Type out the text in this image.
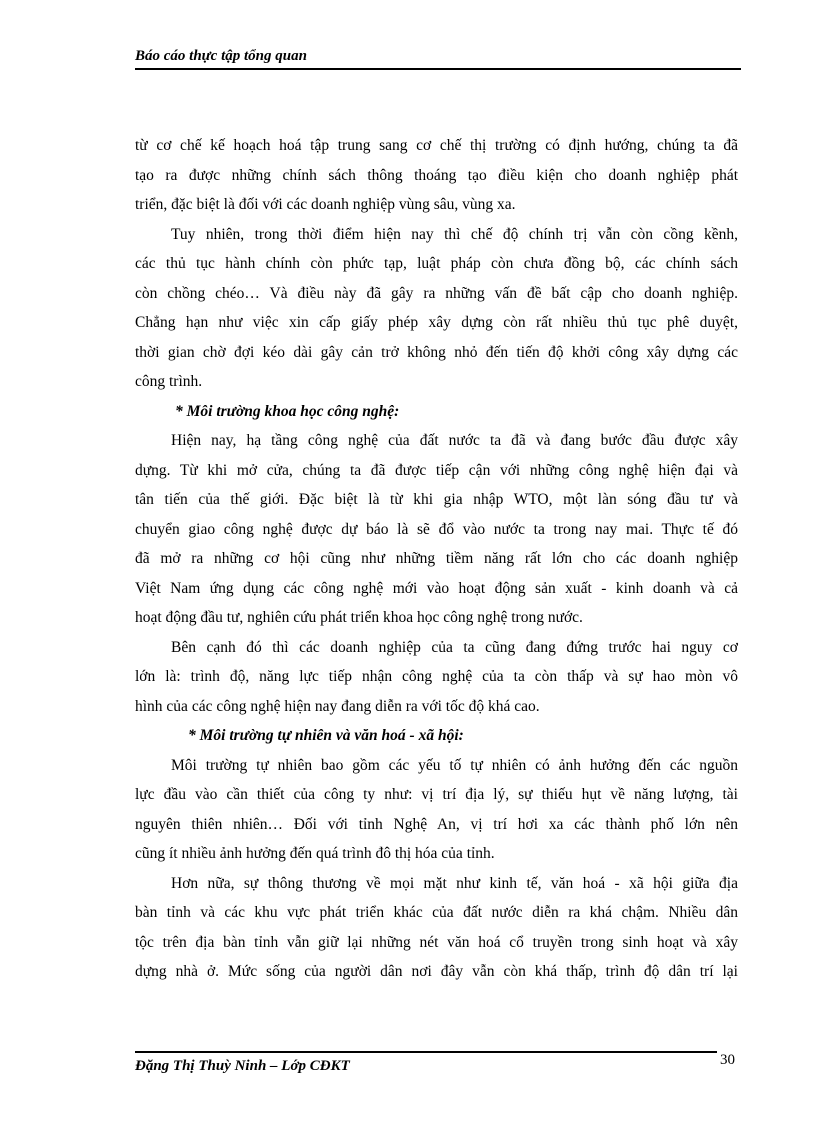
Báo cáo thực tập tổng quan
từ cơ chế kế hoạch hoá tập trung sang cơ chế thị trường có định hướng, chúng ta đã
tạo ra được những chính sách thông thoáng tạo điều kiện cho doanh nghiệp phát
triển, đặc biệt là đối với các doanh nghiệp vùng sâu, vùng xa.
Tuy nhiên, trong thời điểm hiện nay thì chế độ chính trị vẫn còn cồng kềnh,
các thủ tục hành chính còn phức tạp, luật pháp còn chưa đồng bộ, các chính sách
còn chồng chéo… Và điều này đã gây ra những vấn đề bất cập cho doanh nghiệp.
Chẳng hạn như việc xin cấp giấy phép xây dựng còn rất nhiều thủ tục phê duyệt,
thời gian chờ đợi kéo dài gây cản trở không nhỏ đến tiến độ khởi công xây dựng các
công trình.
* Môi trường khoa học công nghệ:
Hiện nay, hạ tầng công nghệ của đất nước ta đã và đang bước đầu được xây
dựng. Từ khi mở cửa, chúng ta đã được tiếp cận với những công nghệ hiện đại và
tân tiến của thế giới. Đặc biệt là từ khi gia nhập WTO, một làn sóng đầu tư và
chuyển giao công nghệ được dự báo là sẽ đổ vào nước ta trong nay mai. Thực tế đó
đã mở ra những cơ hội cũng như những tiềm năng rất lớn cho các doanh nghiệp
Việt Nam ứng dụng các công nghệ mới vào hoạt động sản xuất - kinh doanh và cả
hoạt động đầu tư, nghiên cứu phát triển khoa học công nghệ trong nước.
Bên cạnh đó thì các doanh nghiệp của ta cũng đang đứng trước hai nguy cơ
lớn là: trình độ, năng lực tiếp nhận công nghệ của ta còn thấp và sự hao mòn vô
hình của các công nghệ hiện nay đang diễn ra với tốc độ khá cao.
* Môi trường tự nhiên và văn hoá - xã hội:
Môi trường tự nhiên bao gồm các yếu tố tự nhiên có ảnh hưởng đến các nguồn
lực đầu vào cần thiết của công ty như: vị trí địa lý, sự thiếu hụt về năng lượng, tài
nguyên thiên nhiên… Đối với tỉnh Nghệ An, vị trí hơi xa các thành phố lớn nên
cũng ít nhiều ảnh hưởng đến quá trình đô thị hóa của tỉnh.
Hơn nữa, sự thông thương về mọi mặt như kinh tế, văn hoá - xã hội giữa địa
bàn tỉnh và các khu vực phát triển khác của đất nước diễn ra khá chậm. Nhiều dân
tộc trên địa bàn tỉnh vẫn giữ lại những nét văn hoá cổ truyền trong sinh hoạt và xây
dựng nhà ở. Mức sống của người dân nơi đây vẫn còn khá thấp, trình độ dân trí lại
Đặng Thị Thuỳ Ninh – Lớp CĐKT	30
